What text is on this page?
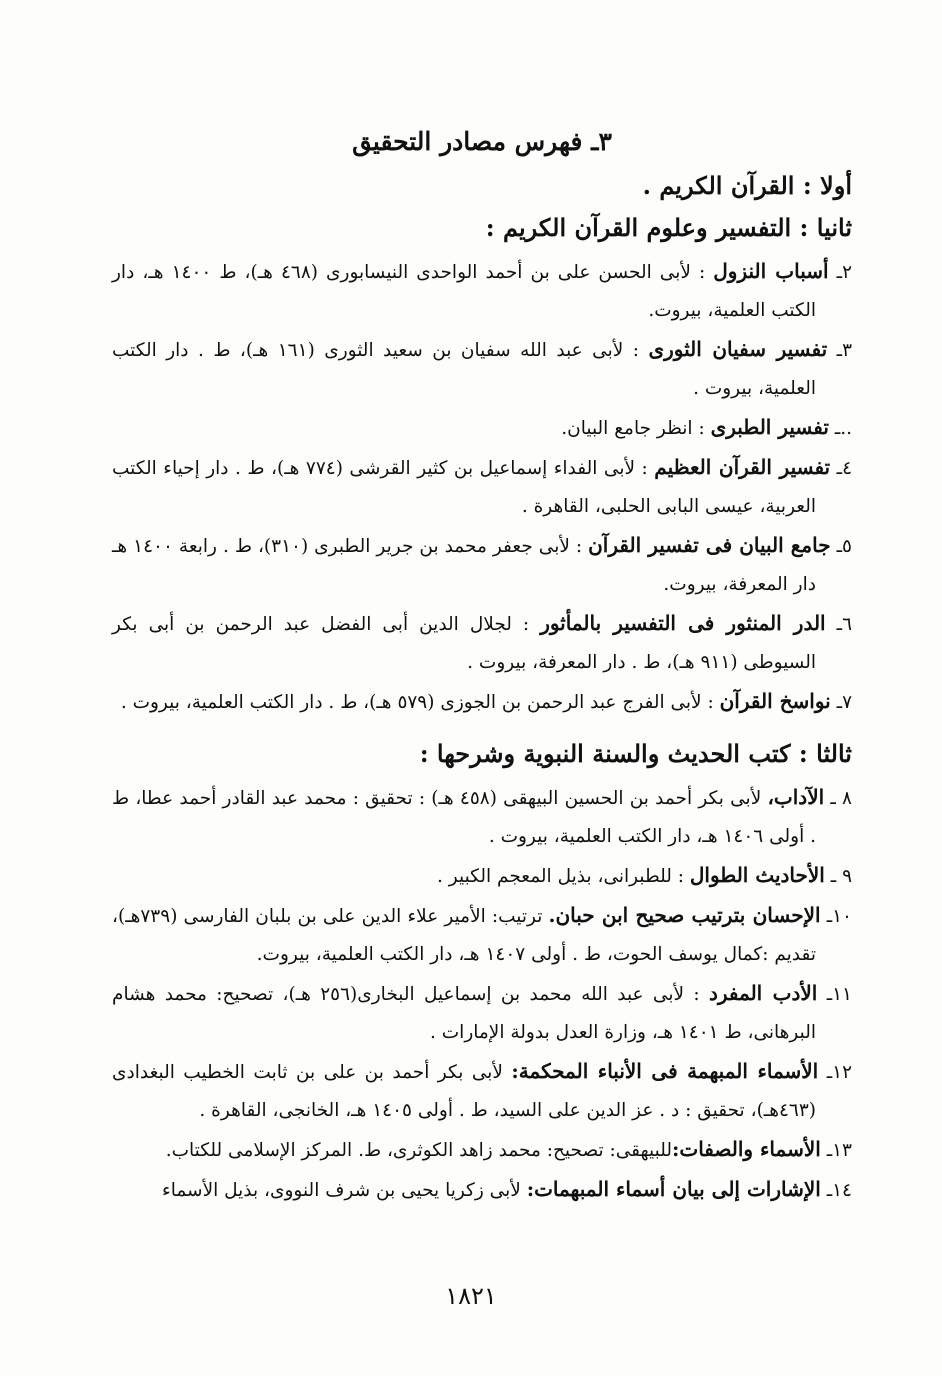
٣ـ فهرس مصادر التحقيق
أولا : القرآن الكريم .
ثانيا : التفسير وعلوم القرآن الكريم :
٢ـ أسباب النزول : لأبى الحسن على بن أحمد الواحدى النيسابورى (٤٦٨ هـ)، ط ١٤٠٠ هـ، دار الكتب العلمية، بيروت.
٣ـ تفسير سفيان الثورى : لأبى عبد الله سفيان بن سعيد الثورى (١٦١ هـ)، ط . دار الكتب العلمية، بيروت .
..ـ تفسير الطبرى : انظر جامع البيان.
٤ـ تفسير القرآن العظيم : لأبى الفداء إسماعيل بن كثير القرشى (٧٧٤ هـ)، ط . دار إحياء الكتب العربية، عيسى البابى الحلبى، القاهرة .
٥ـ جامع البيان فى تفسير القرآن : لأبى جعفر محمد بن جرير الطبرى (٣١٠)، ط . رابعة ١٤٠٠ هـ دار المعرفة، بيروت.
٦ـ الدر المنثور فى التفسير بالمأثور : لجلال الدين أبى الفضل عبد الرحمن بن أبى بكر السيوطى (٩١١ هـ)، ط . دار المعرفة، بيروت .
٧ـ نواسخ القرآن : لأبى الفرج عبد الرحمن بن الجوزى (٥٧٩ هـ)، ط . دار الكتب العلمية، بيروت .
ثالثا : كتب الحديث والسنة النبوية وشرحها :
٨ ـ الآداب، لأبى بكر أحمد بن الحسين البيهقى (٤٥٨ هـ) : تحقيق : محمد عبد القادر أحمد عطا، ط . أولى ١٤٠٦ هـ، دار الكتب العلمية، بيروت .
٩ ـ الأحاديث الطوال : للطبرانى، بذيل المعجم الكبير .
١٠ـ الإحسان بترتيب صحيح ابن حبان. ترتيب: الأمير علاء الدين على بن بلبان الفارسى (٧٣٩هـ)، تقديم :كمال يوسف الحوت، ط . أولى ١٤٠٧ هـ، دار الكتب العلمية، بيروت.
١١ـ الأدب المفرد : لأبى عبد الله محمد بن إسماعيل البخارى(٢٥٦ هـ)، تصحيح: محمد هشام البرهانى، ط ١٤٠١ هـ، وزارة العدل بدولة الإمارات .
١٢ـ الأسماء المبهمة فى الأنباء المحكمة: لأبى بكر أحمد بن على بن ثابت الخطيب البغدادى (٤٦٣هـ)، تحقيق : د . عز الدين على السيد، ط . أولى ١٤٠٥ هـ، الخانجى، القاهرة .
١٣ـ الأسماء والصفات:للبيهقى: تصحيح: محمد زاهد الكوثرى، ط. المركز الإسلامى للكتاب.
١٤ـ الإشارات إلى بيان أسماء المبهمات: لأبى زكريا يحيى بن شرف النووى، بذيل الأسماء
١٨٢١
